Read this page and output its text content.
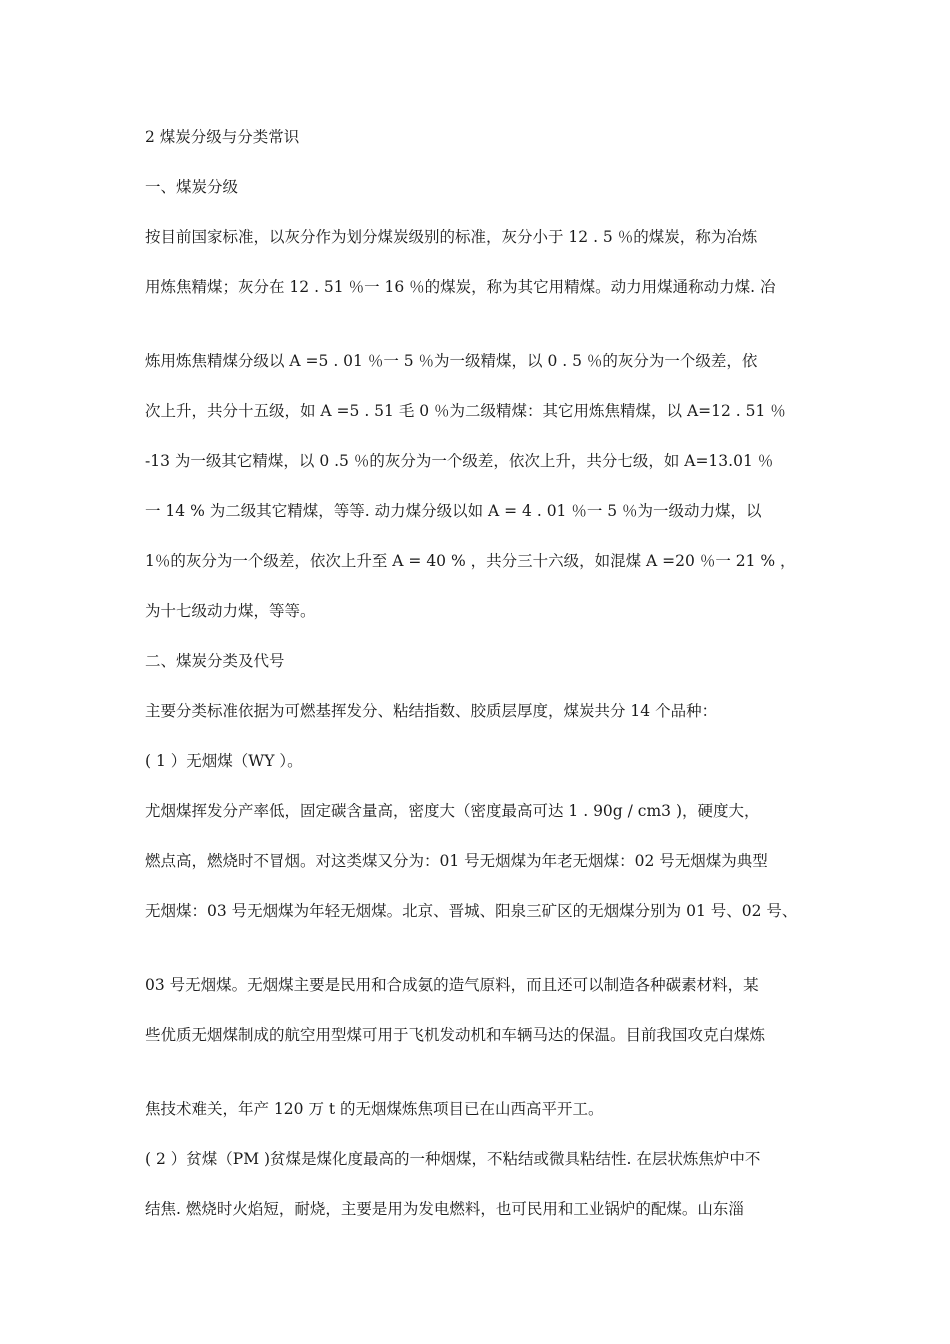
2 煤炭分级与分类常识
一、煤炭分级
按目前国家标准，以灰分作为划分煤炭级别的标准，灰分小于 12 . 5 ％的煤炭，称为冶炼
用炼焦精煤；灰分在 12 . 51 ％一 16 ％的煤炭，称为其它用精煤。动力用煤通称动力煤. 冶
炼用炼焦精煤分级以 A =5 . 01 ％一 5 ％为一级精煤，以 0 . 5 ％的灰分为一个级差，依
次上升，共分十五级，如 A =5 . 51 毛 0 ％为二级精煤：其它用炼焦精煤，以 A=12 . 51 ％
-13 为一级其它精煤，以 0 .5 ％的灰分为一个级差，依次上升，共分七级，如 A=13.01 ％
一 14 % 为二级其它精煤，等等. 动力煤分级以如 A = 4 . 01 ％一 5 ％为一级动力煤，以
1％的灰分为一个级差，依次上升至 A = 40 % ，共分三十六级，如混煤 A =20 ％一 21 % ，
为十七级动力煤，等等。
二、煤炭分类及代号
主要分类标准依据为可燃基挥发分、粘结指数、胶质层厚度，煤炭共分 14 个品种：
( 1 ）无烟煤（WY ）。
尤烟煤挥发分产率低，固定碳含量高，密度大（密度最高可达 1 . 90g / cm3 )，硬度大，
燃点高，燃烧时不冒烟。对这类煤又分为：01 号无烟煤为年老无烟煤：02 号无烟煤为典型
无烟煤：03 号无烟煤为年轻无烟煤。北京、晋城、阳泉三矿区的无烟煤分别为 01 号、02 号、
03 号无烟煤。无烟煤主要是民用和合成氨的造气原料，而且还可以制造各种碳素材料，某
些优质无烟煤制成的航空用型煤可用于飞机发动机和车辆马达的保温。目前我国攻克白煤炼
焦技术难关，年产 120 万 t 的无烟煤炼焦项目已在山西高平开工。
( 2 ）贫煤（PM )贫煤是煤化度最高的一种烟煤，不粘结或微具粘结性. 在层状炼焦炉中不
结焦. 燃烧时火焰短，耐烧，主要是用为发电燃料，也可民用和工业锅炉的配煤。山东淄
